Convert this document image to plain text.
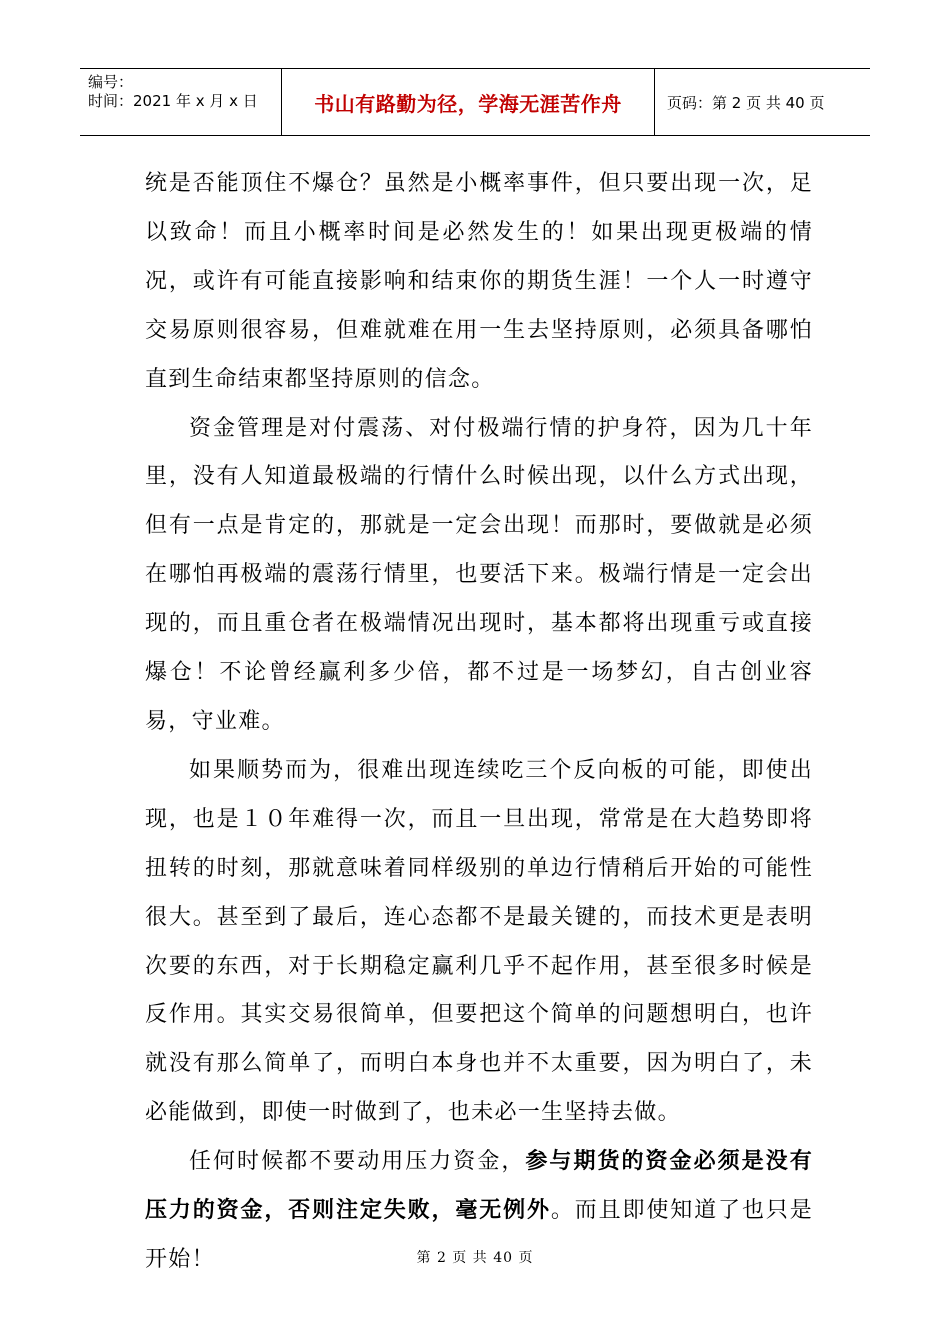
编号：
时间：2021 年 x 月 x 日	书山有路勤为径，学海无涯苦作舟	页码：第 2 页 共 40 页

统是否能顶住不爆仓？虽然是小概率事件，但只要出现一次，足以致命！而且小概率时间是必然发生的！如果出现更极端的情况，或许有可能直接影响和结束你的期货生涯！一个人一时遵守交易原则很容易，但难就难在用一生去坚持原则，必须具备哪怕直到生命结束都坚持原则的信念。

资金管理是对付震荡、对付极端行情的护身符，因为几十年里，没有人知道最极端的行情什么时候出现，以什么方式出现，但有一点是肯定的，那就是一定会出现！而那时，要做就是必须在哪怕再极端的震荡行情里，也要活下来。极端行情是一定会出现的，而且重仓者在极端情况出现时，基本都将出现重亏或直接爆仓！不论曾经赢利多少倍，都不过是一场梦幻，自古创业容易，守业难。

如果顺势而为，很难出现连续吃三个反向板的可能，即使出现，也是１０年难得一次，而且一旦出现，常常是在大趋势即将扭转的时刻，那就意味着同样级别的单边行情稍后开始的可能性很大。甚至到了最后，连心态都不是最关键的，而技术更是表明次要的东西，对于长期稳定赢利几乎不起作用，甚至很多时候是反作用。其实交易很简单，但要把这个简单的问题想明白，也许就没有那么简单了，而明白本身也并不太重要，因为明白了，未必能做到，即使一时做到了，也未必一生坚持去做。

任何时候都不要动用压力资金，参与期货的资金必须是没有压力的资金，否则注定失败，毫无例外。而且即使知道了也只是开始！	第 2 页 共 40 页
